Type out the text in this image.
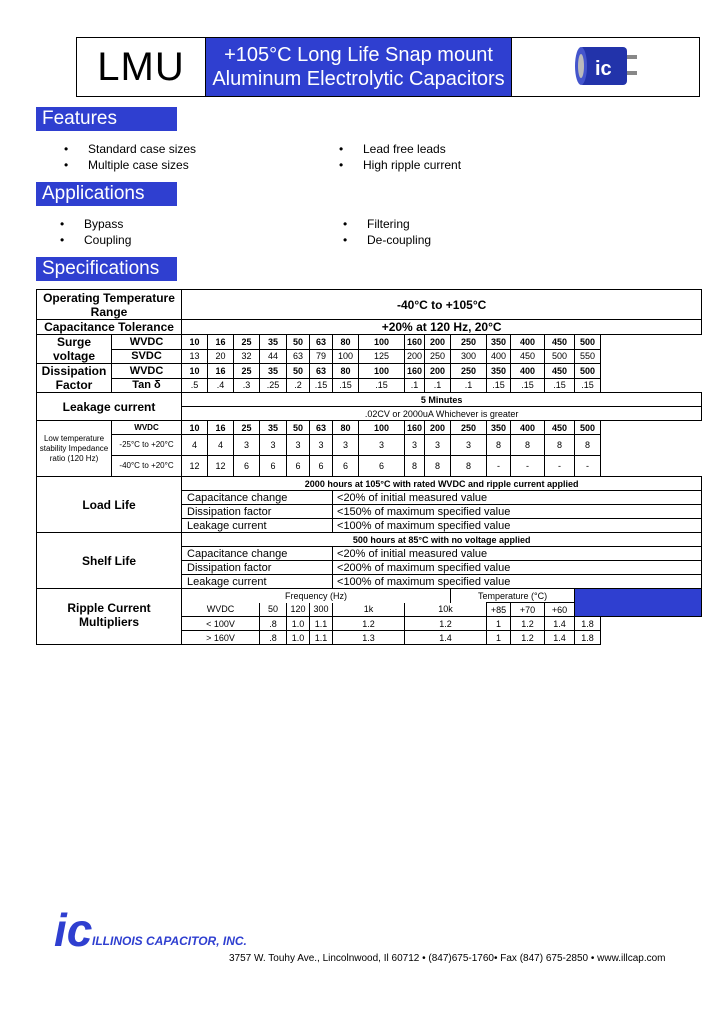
LMU	+105°C Long Life Snap mount
Aluminum Electrolytic Capacitors	ic
Features
• Standard case sizes
• Multiple case sizes
• Lead free leads
• High ripple current
Applications
• Bypass
• Coupling
• Filtering
• De-coupling
Specifications
Operating Temperature Range		-40°C to +105°C																
Capacitance Tolerance		+20% at 120 Hz, 20°C																
Surge voltage	WVDC	10	16	25	35	50	63	80	100	160	200	250	350	400	450	500		
	SVDC	13	20	32	44	63	79	100	125	200	250	300	400	450	500	550		
Dissipation Factor	WVDC	10	16	25	35	50	63	80	100	160	200	250	350	400	450	500		
	Tan δ	.5	.4	.3	.25	.2	.15	.15	.15	.1	.1	.1	.15	.15	.15	.15		
Leakage current		5 Minutes																
		.02CV or 2000uA Whichever is greater																
Low temperature stability Impedance ratio (120 Hz)	WVDC	10	16	25	35	50	63	80	100	160	200	250	350	400	450	500		
	-25°C to +20°C	4	4	3	3	3	3	3	3	3	3	3	8	8	8	8		
	-40°C to +20°C	12	12	6	6	6	6	6	6	8	8	8	-	-	-	-		
Load Life		2000 hours at 105°C with rated WVDC and ripple current applied																
		Capacitance change						<20% of initial measured value										
		Dissipation factor						<150% of maximum specified value										
		Leakage current						<100% of maximum specified value										
Shelf Life		500 hours at 85°C with no voltage applied																
		Capacitance change						<20% of initial measured value										
		Dissipation factor						<200% of maximum specified value										
		Leakage current						<100% of maximum specified value										
Ripple Current Multipliers		Frequency (Hz)										Temperature (°C)						
		WVDC			50	120	300	1k		10k			+85	+70	+60	
		< 100V			.8	1.0	1.1	1.2		1.2			1	1.2	1.4	1.8		
		> 160V			.8	1.0	1.1	1.3		1.4			1	1.2	1.4	1.8		
ic ILLINOIS CAPACITOR, INC.
3757 W. Touhy Ave., Lincolnwood, Il 60712 • (847)675-1760• Fax (847) 675-2850 • www.illcap.com
